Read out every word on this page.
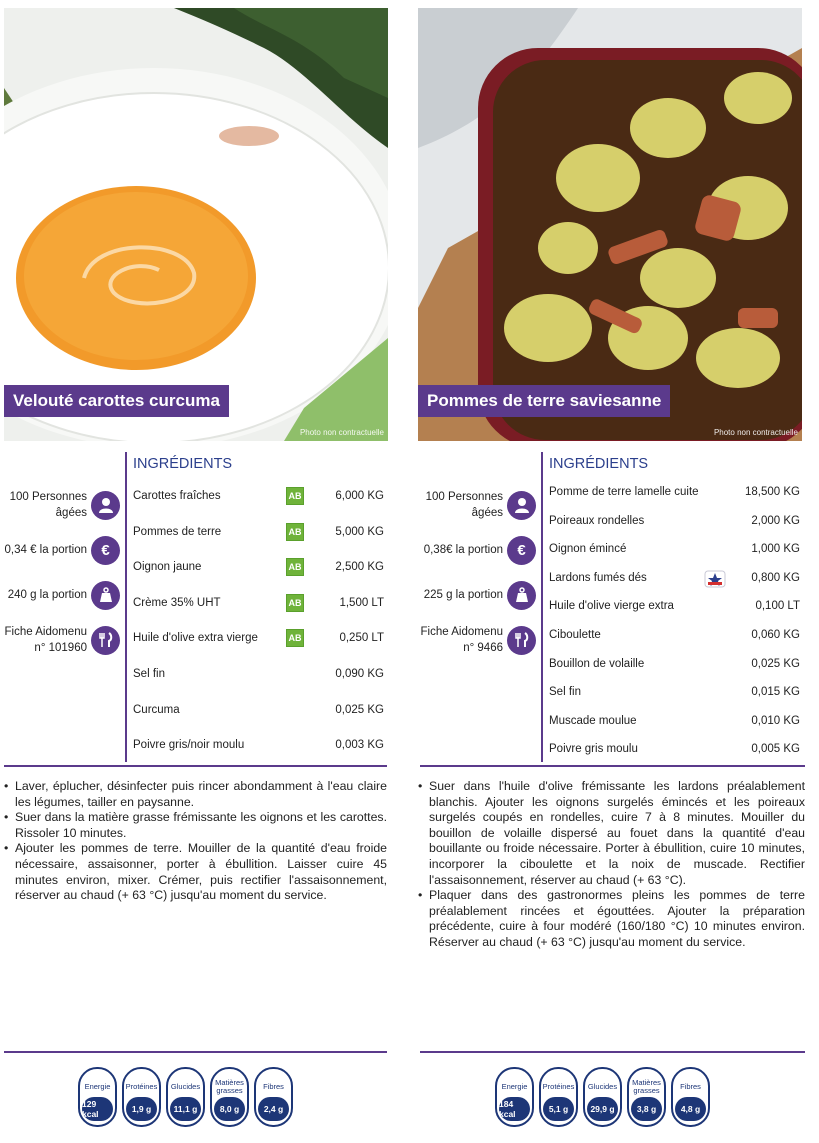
Velouté carottes curcuma
Photo non contractuelle
Pommes de terre saviesanne
Photo non contractuelle
100 Personnes âgées
0,34 € la portion €
240 g la portion
Fiche Aidomenu n° 101960
INGRÉDIENTS
Carottes fraîches	AB	6,000 KG
Pommes de terre	AB	5,000 KG
Oignon jaune	AB	2,500 KG
Crème 35% UHT	AB	1,500 LT
Huile d'olive extra vierge	AB	0,250 LT
Sel fin	0,090 KG
Curcuma	0,025 KG
Poivre gris/noir moulu	0,003 KG
100 Personnes âgées
0,38€ la portion €
225 g la portion
Fiche Aidomenu n° 9466
INGRÉDIENTS
Pomme de terre lamelle cuite	18,500 KG
Poireaux rondelles	2,000 KG
Oignon émincé	1,000 KG
Lardons fumés dés	0,800 KG
Huile d'olive vierge extra	0,100 LT
Ciboulette	0,060 KG
Bouillon de volaille	0,025 KG
Sel fin	0,015 KG
Muscade moulue	0,010 KG
Poivre gris moulu	0,005 KG
• Laver, éplucher, désinfecter puis rincer abondamment à l'eau claire les légumes, tailler en paysanne.
• Suer dans la matière grasse frémissante les oignons et les carottes. Rissoler 10 minutes.
• Ajouter les pommes de terre. Mouiller de la quantité d'eau froide nécessaire, assaisonner, porter à ébullition. Laisser cuire 45 minutes environ, mixer. Crémer, puis rectifier l'assaisonnement, réserver au chaud (+ 63 °C) jusqu'au moment du service.
• Suer dans l'huile d'olive frémissante les lardons préalablement blanchis. Ajouter les oignons surgelés émincés et les poireaux surgelés coupés en rondelles, cuire 7 à 8 minutes. Mouiller du bouillon de volaille dispersé au fouet dans la quantité d'eau bouillante ou froide nécessaire. Porter à ébullition, cuire 10 minutes, incorporer la ciboulette et la noix de muscade. Rectifier l'assaisonnement, réserver au chaud (+ 63 °C).
• Plaquer dans des gastronormes pleins les pommes de terre préalablement rincées et égouttées. Ajouter la préparation précédente, cuire à four modéré (160/180 °C) 10 minutes environ. Réserver au chaud (+ 63 °C) jusqu'au moment du service.
Energie
129 kcal
Protéines
1,9 g
Glucides
11,1 g
Matières grasses
8,0 g
Fibres
2,4 g
Energie
184 kcal
Protéines
5,1 g
Glucides
29,9 g
Matières grasses
3,8 g
Fibres
4,8 g
